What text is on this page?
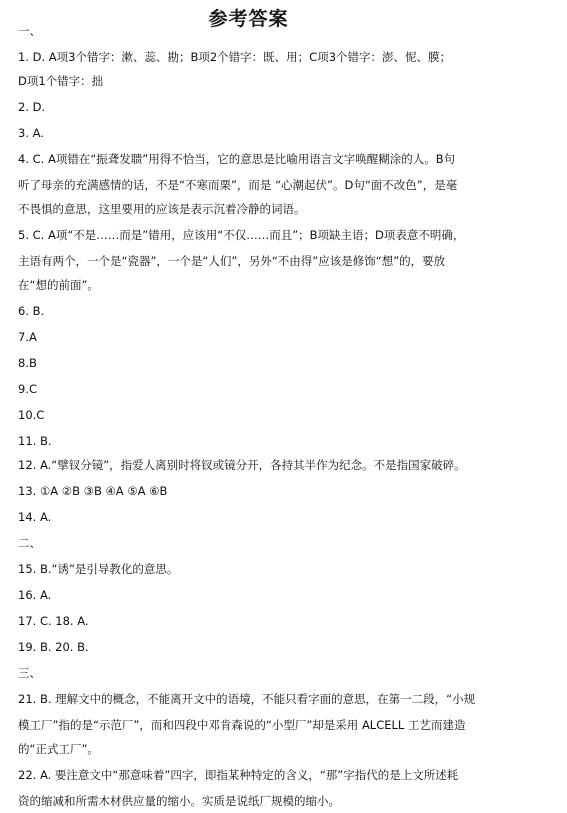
参考答案
一、
1. D. A项3个错字：漱、蕊、勘；B项2个错字：既、用；C项3个错字：澎、怩、膜；
D项1个错字：拙
2. D.
3. A.
4. C. A项错在“振聋发聩”用得不恰当，它的意思是比喻用语言文字唤醒糊涂的人。B句
听了母亲的充满感情的话，不是“不寒而栗”，而是 “心潮起伏”。D句“面不改色”，是毫
不畏惧的意思，这里要用的应该是表示沉着冷静的词语。
5. C. A项“不是……而是”错用，应该用“不仅……而且”；B项缺主语；D项表意不明确，
主语有两个，一个是“瓷器”，一个是“人们”，另外“不由得”应该是修饰“想”的，要放
在“想的前面”。
6. B.
7.A
8.B
9.C
10.C
11. B.
12. A.“擘钗分镜”，指爱人离别时将钗或镜分开，各持其半作为纪念。不是指国家破碎。
13. ①A ②B ③B ④A ⑤A ⑥B
14. A.
二、
15. B.“诱”是引导教化的意思。
16. A.
17. C. 18. A.
19. B. 20. B.
三、
21. B. 理解文中的概念，不能离开文中的语境，不能只看字面的意思，在第一二段，“小规
模工厂”指的是“示范厂”，而和四段中邓肯森说的“小型厂”却是采用 ALCELL 工艺而建造
的“正式工厂”。
22. A. 要注意文中“那意味着”四字，即指某种特定的含义，“那”字指代的是上文所述耗
资的缩减和所需木材供应量的缩小。实质是说纸厂规模的缩小。
